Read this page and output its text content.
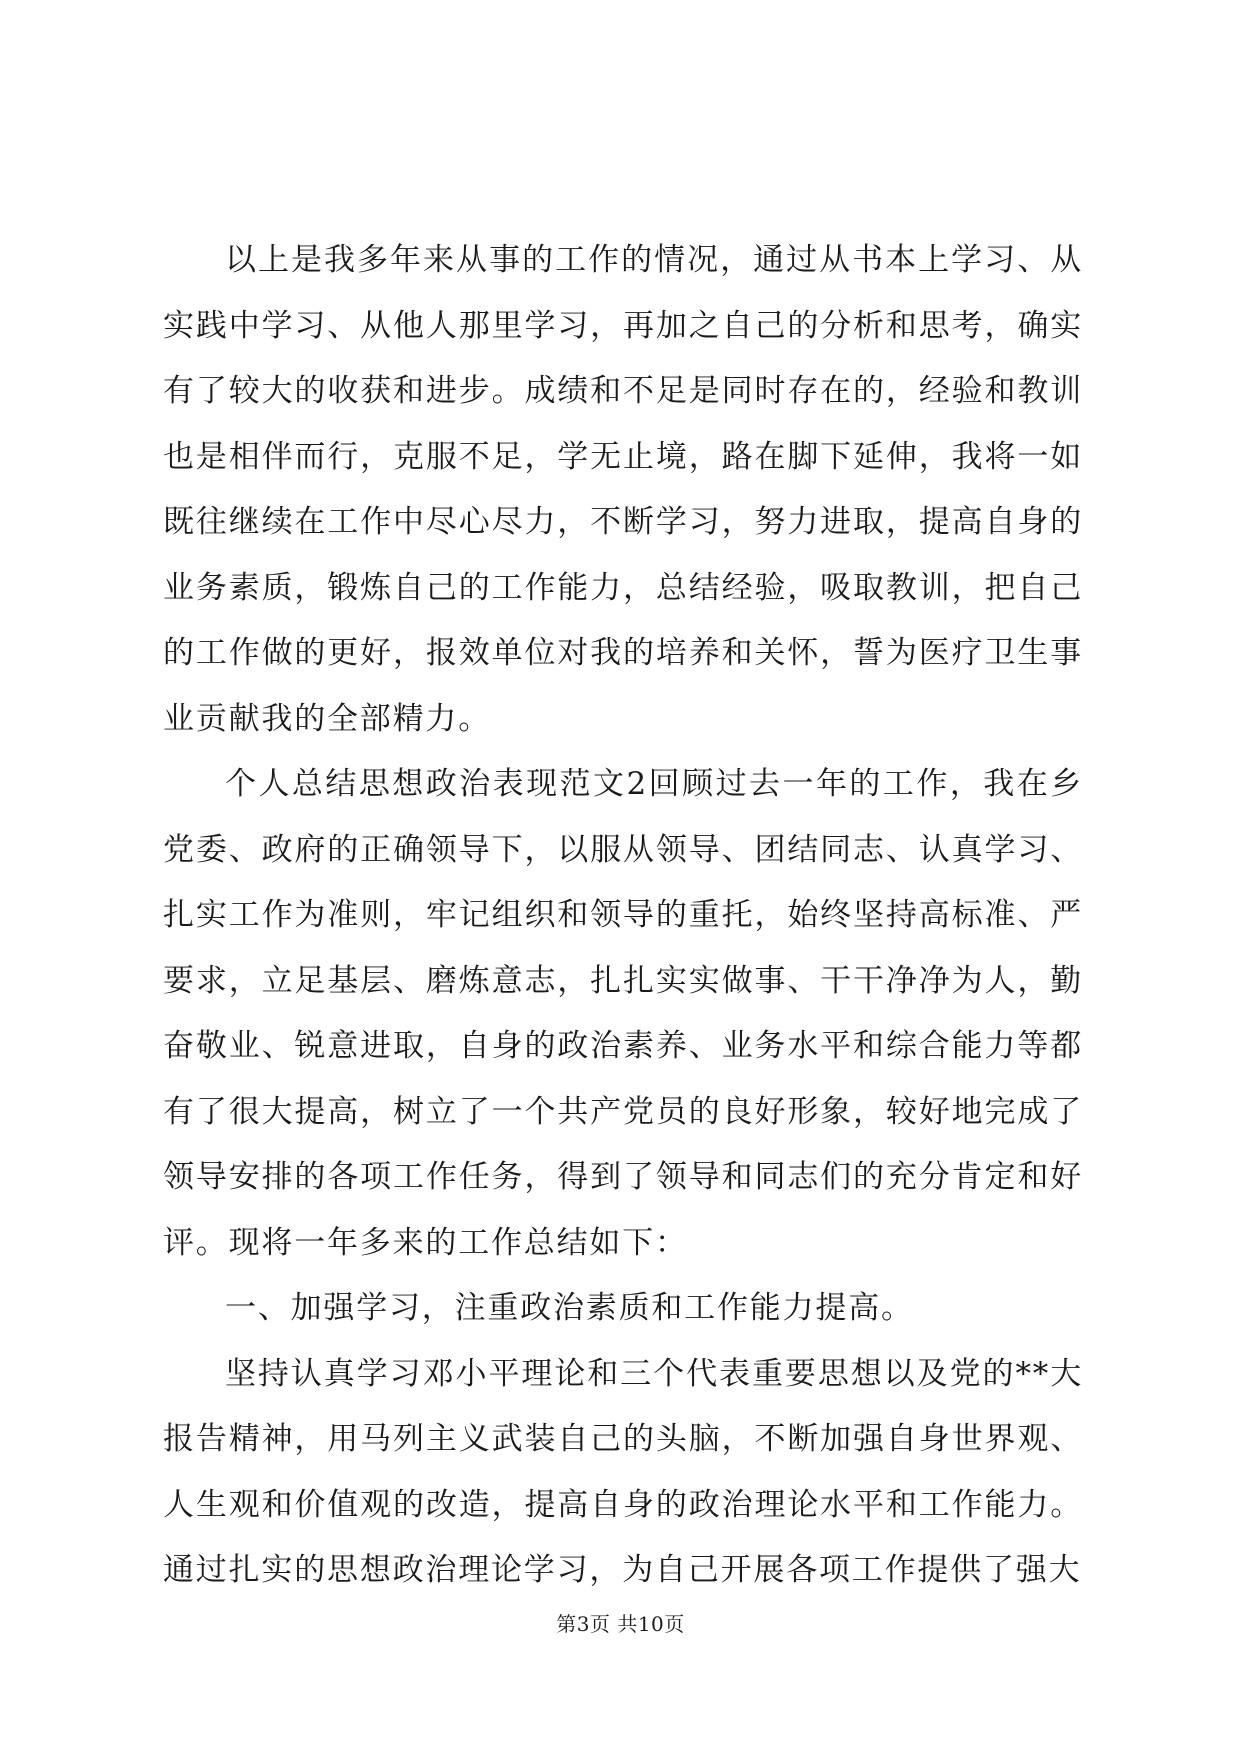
以上是我多年来从事的工作的情况，通过从书本上学习、从实践中学习、从他人那里学习，再加之自己的分析和思考，确实有了较大的收获和进步。成绩和不足是同时存在的，经验和教训也是相伴而行，克服不足，学无止境，路在脚下延伸，我将一如既往继续在工作中尽心尽力，不断学习，努力进取，提高自身的业务素质，锻炼自己的工作能力，总结经验，吸取教训，把自己的工作做的更好，报效单位对我的培养和关怀，誓为医疗卫生事业贡献我的全部精力。

个人总结思想政治表现范文2回顾过去一年的工作，我在乡党委、政府的正确领导下，以服从领导、团结同志、认真学习、扎实工作为准则，牢记组织和领导的重托，始终坚持高标准、严要求，立足基层、磨炼意志，扎扎实实做事、干干净净为人，勤奋敬业、锐意进取，自身的政治素养、业务水平和综合能力等都有了很大提高，树立了一个共产党员的良好形象，较好地完成了领导安排的各项工作任务，得到了领导和同志们的充分肯定和好评。现将一年多来的工作总结如下：

一、加强学习，注重政治素质和工作能力提高。

坚持认真学习邓小平理论和三个代表重要思想以及党的**大报告精神，用马列主义武装自己的头脑，不断加强自身世界观、人生观和价值观的改造，提高自身的政治理论水平和工作能力。通过扎实的思想政治理论学习，为自己开展各项工作提供了强大

第3页 共10页
